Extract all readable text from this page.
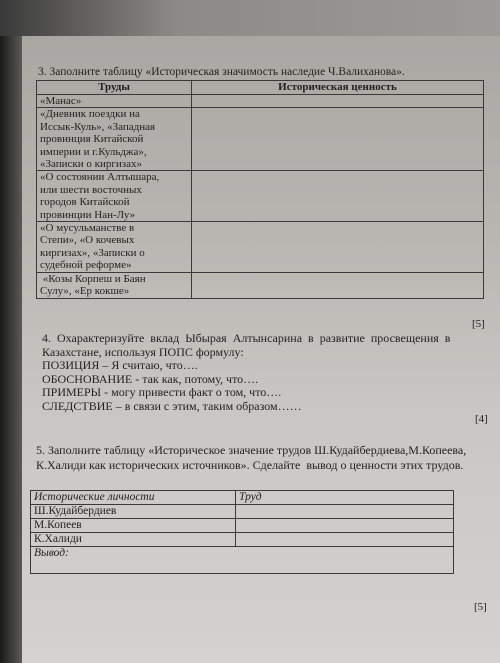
3. Заполните таблицу «Историческая значимость наследие Ч.Валиханова».
Труды	Историческая ценность

«Манас»	

«Дневник поездки на
Иссык-Куль», «Западная
провинция Китайской
империи и г.Кульджа»,
«Записки о киргизах»	

«О состоянии Алтышара,
или шести восточных
городов Китайской
провинции Нан-Лу»	

«О мусульманстве в
Степи», «О кочевых
киргизах», «Записки о
судебной реформе»	

«Козы Корпеш и Баян
Сулу», «Ер кокше»	

[5]
4.  Охарактеризуйте  вклад  Ыбырая  Алтынсарина  в  развитие  просвещения  в
Казахстане, используя ПОПС формулу:
ПОЗИЦИЯ – Я считаю, что….
ОБОСНОВАНИЕ - так как, потому, что….
ПРИМЕРЫ - могу привести факт о том, что….
СЛЕДСТВИЕ – в связи с этим, таким образом……
[4]
5. Заполните таблицу «Историческое значение трудов Ш.Кудайбердиева,М.Копеева,
К.Халиди как исторических источников». Сделайте  вывод о ценности этих трудов.
Исторические личности	Труд
Ш.Кудайбердиев	
М.Копеев	
К.Халиди	
Вывод:	
[5]
